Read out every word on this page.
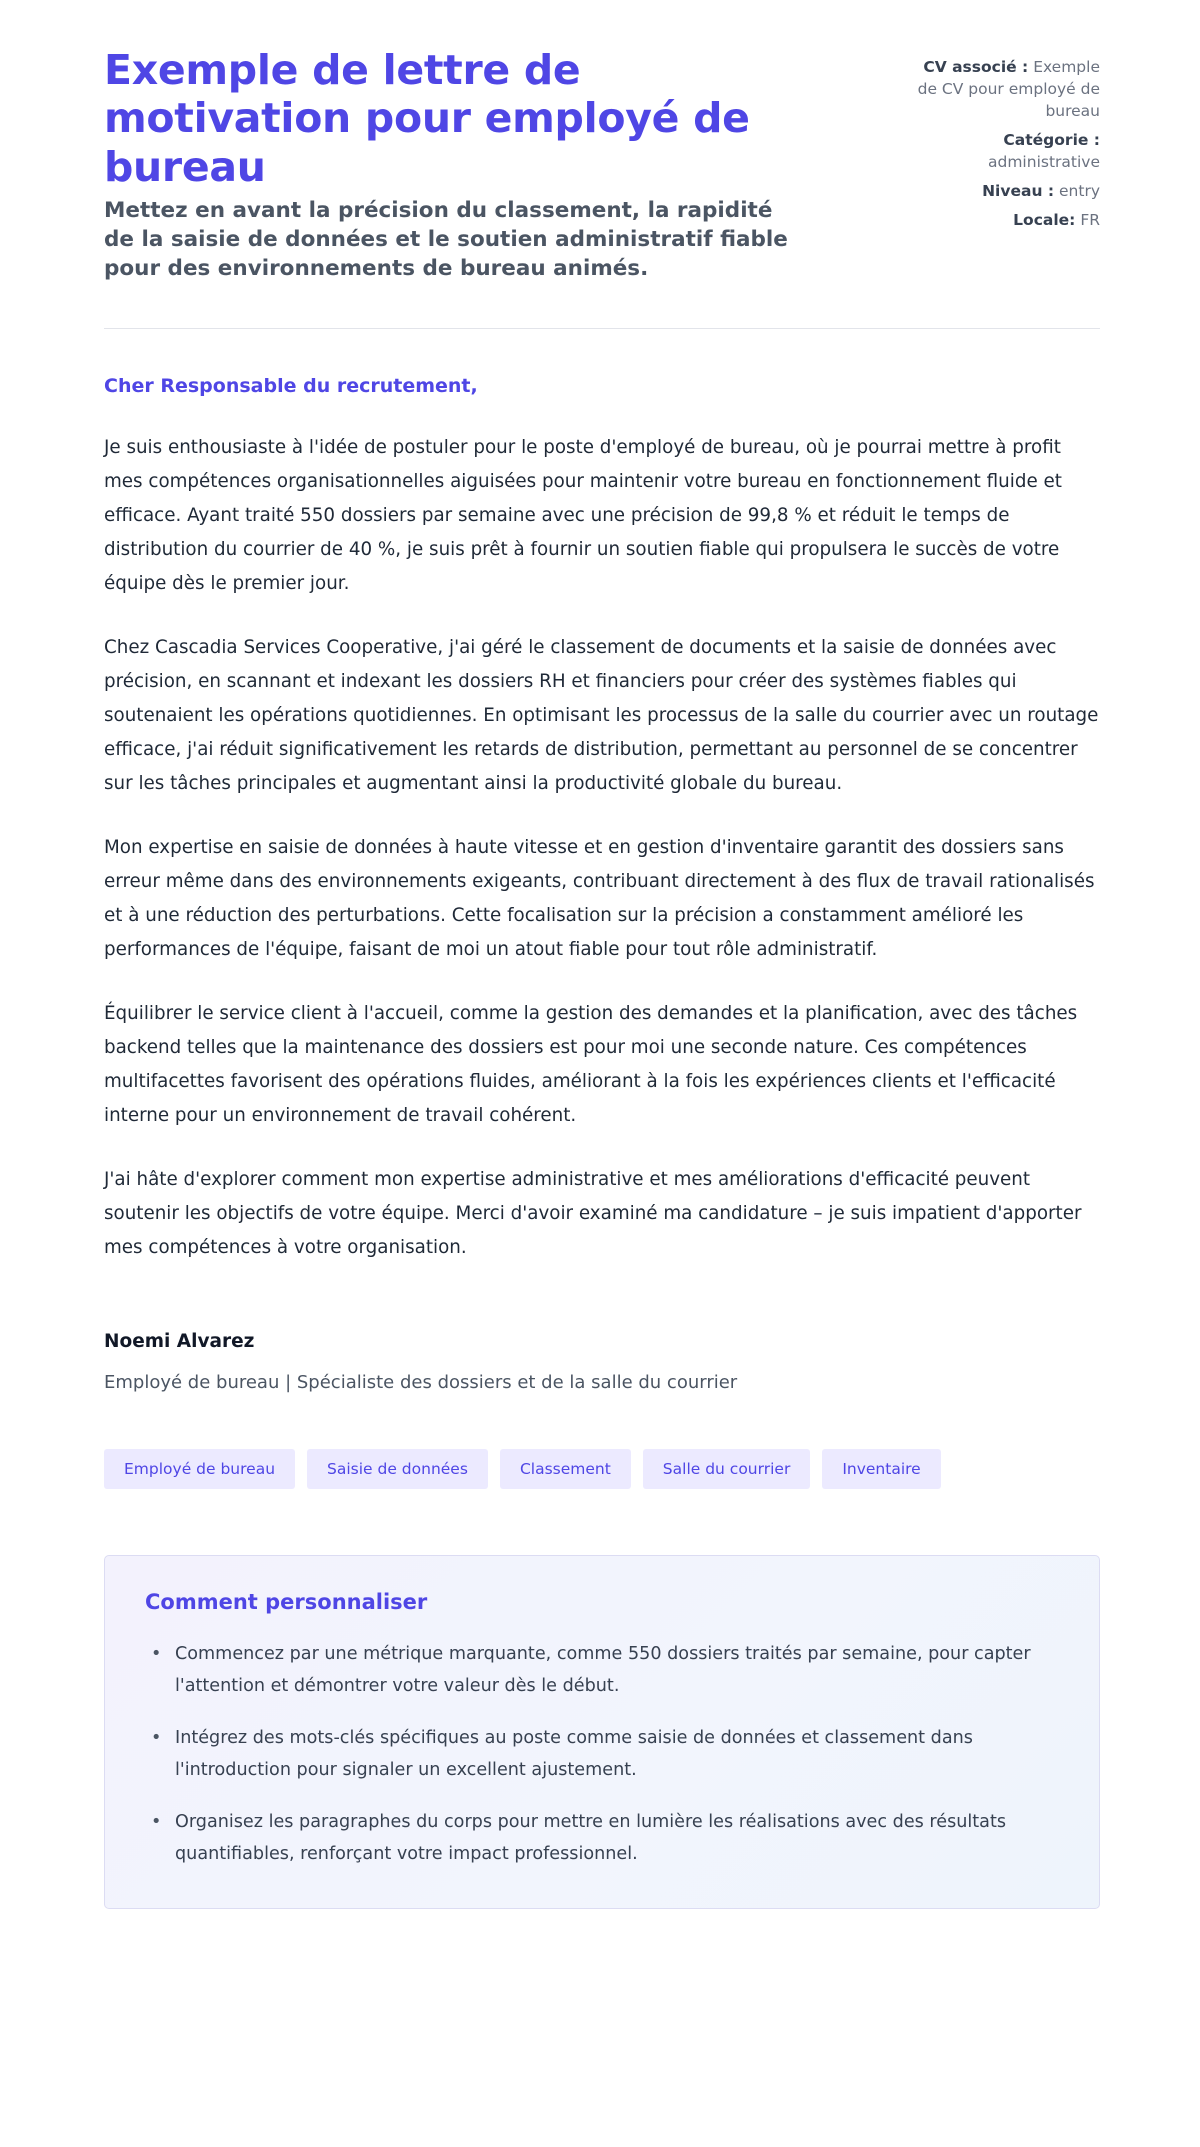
Exemple de lettre de motivation pour employé de bureau

Mettez en avant la précision du classement, la rapidité de la saisie de données et le soutien administratif fiable pour des environnements de bureau animés.

CV associé : Exemple de CV pour employé de bureau
Catégorie : administrative
Niveau : entry
Locale: FR

Cher Responsable du recrutement,

Je suis enthousiaste à l'idée de postuler pour le poste d'employé de bureau, où je pourrai mettre à profit mes compétences organisationnelles aiguisées pour maintenir votre bureau en fonctionnement fluide et efficace. Ayant traité 550 dossiers par semaine avec une précision de 99,8 % et réduit le temps de distribution du courrier de 40 %, je suis prêt à fournir un soutien fiable qui propulsera le succès de votre équipe dès le premier jour.

Chez Cascadia Services Cooperative, j'ai géré le classement de documents et la saisie de données avec précision, en scannant et indexant les dossiers RH et financiers pour créer des systèmes fiables qui soutenaient les opérations quotidiennes. En optimisant les processus de la salle du courrier avec un routage efficace, j'ai réduit significativement les retards de distribution, permettant au personnel de se concentrer sur les tâches principales et augmentant ainsi la productivité globale du bureau.

Mon expertise en saisie de données à haute vitesse et en gestion d'inventaire garantit des dossiers sans erreur même dans des environnements exigeants, contribuant directement à des flux de travail rationalisés et à une réduction des perturbations. Cette focalisation sur la précision a constamment amélioré les performances de l'équipe, faisant de moi un atout fiable pour tout rôle administratif.

Équilibrer le service client à l'accueil, comme la gestion des demandes et la planification, avec des tâches backend telles que la maintenance des dossiers est pour moi une seconde nature. Ces compétences multifacettes favorisent des opérations fluides, améliorant à la fois les expériences clients et l'efficacité interne pour un environnement de travail cohérent.

J'ai hâte d'explorer comment mon expertise administrative et mes améliorations d'efficacité peuvent soutenir les objectifs de votre équipe. Merci d'avoir examiné ma candidature – je suis impatient d'apporter mes compétences à votre organisation.

Noemi Alvarez

Employé de bureau | Spécialiste des dossiers et de la salle du courrier

Employé de bureau	Saisie de données	Classement	Salle du courrier	Inventaire
Comment personnaliser
• Commencez par une métrique marquante, comme 550 dossiers traités par semaine, pour capter l'attention et démontrer votre valeur dès le début.
• Intégrez des mots-clés spécifiques au poste comme saisie de données et classement dans l'introduction pour signaler un excellent ajustement.
• Organisez les paragraphes du corps pour mettre en lumière les réalisations avec des résultats quantifiables, renforçant votre impact professionnel.
